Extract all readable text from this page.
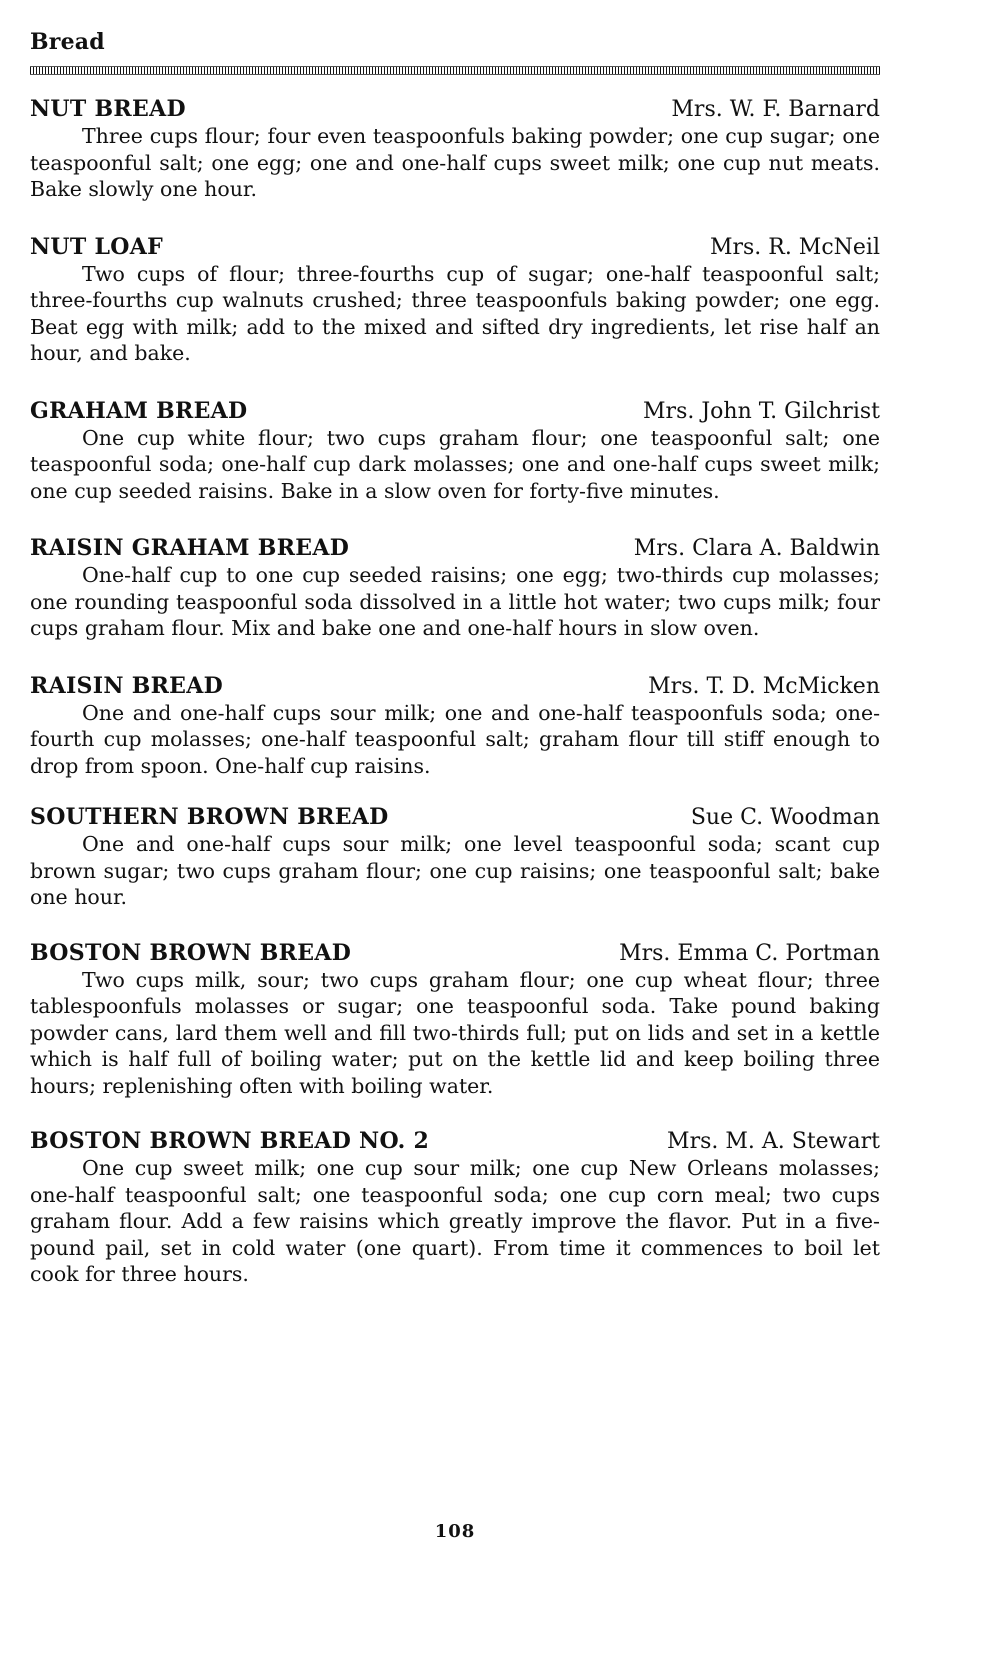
Bread
NUT BREAD	Mrs. W. F. Barnard

Three cups flour; four even teaspoonfuls baking powder; one cup sugar; one teaspoonful salt; one egg; one and one-half cups sweet milk; one cup nut meats. Bake slowly one hour.

NUT LOAF	Mrs. R. McNeil

Two cups of flour; three-fourths cup of sugar; one-half teaspoonful salt; three-fourths cup walnuts crushed; three teaspoonfuls baking powder; one egg. Beat egg with milk; add to the mixed and sifted dry ingredients, let rise half an hour, and bake.

GRAHAM BREAD	Mrs. John T. Gilchrist

One cup white flour; two cups graham flour; one teaspoonful salt; one teaspoonful soda; one-half cup dark molasses; one and one-half cups sweet milk; one cup seeded raisins. Bake in a slow oven for forty-five minutes.

RAISIN GRAHAM BREAD	Mrs. Clara A. Baldwin

One-half cup to one cup seeded raisins; one egg; two-thirds cup molasses; one rounding teaspoonful soda dissolved in a little hot water; two cups milk; four cups graham flour. Mix and bake one and one-half hours in slow oven.

RAISIN BREAD	Mrs. T. D. McMicken

One and one-half cups sour milk; one and one-half teaspoonfuls soda; one-fourth cup molasses; one-half teaspoonful salt; graham flour till stiff enough to drop from spoon. One-half cup raisins.

SOUTHERN BROWN BREAD	Sue C. Woodman

One and one-half cups sour milk; one level teaspoonful soda; scant cup brown sugar; two cups graham flour; one cup raisins; one teaspoonful salt; bake one hour.

BOSTON BROWN BREAD	Mrs. Emma C. Portman

Two cups milk, sour; two cups graham flour; one cup wheat flour; three tablespoonfuls molasses or sugar; one teaspoonful soda. Take pound baking powder cans, lard them well and fill two-thirds full; put on lids and set in a kettle which is half full of boiling water; put on the kettle lid and keep boiling three hours; replenishing often with boiling water.

BOSTON BROWN BREAD NO. 2	Mrs. M. A. Stewart

One cup sweet milk; one cup sour milk; one cup New Orleans molasses; one-half teaspoonful salt; one teaspoonful soda; one cup corn meal; two cups graham flour. Add a few raisins which greatly improve the flavor. Put in a five-pound pail, set in cold water (one quart). From time it commences to boil let cook for three hours.

108
